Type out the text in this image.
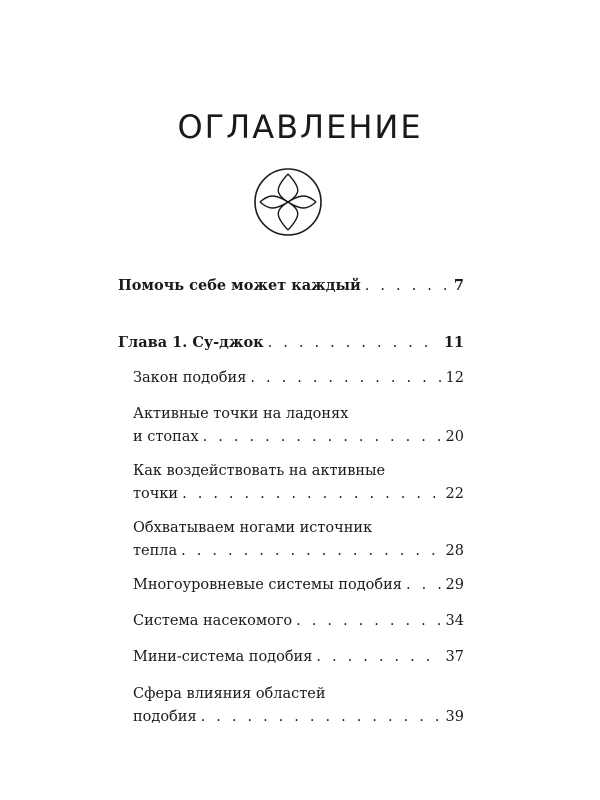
ОГЛАВЛЕНИЕ
Помочь себе может каждый . . .	7
Глава 1. Су-джок . . .	11
Закон подобия . . .	12
Активные точки на ладонях
и стопах . . .	20
Как воздействовать на активные
точки . . .	22
Обхватываем ногами источник
тепла . . .	28
Многоуровневые системы подобия . . .	29
Система насекомого . . .	34
Мини-система подобия . . .	37
Сфера влияния областей
подобия . . .	39
